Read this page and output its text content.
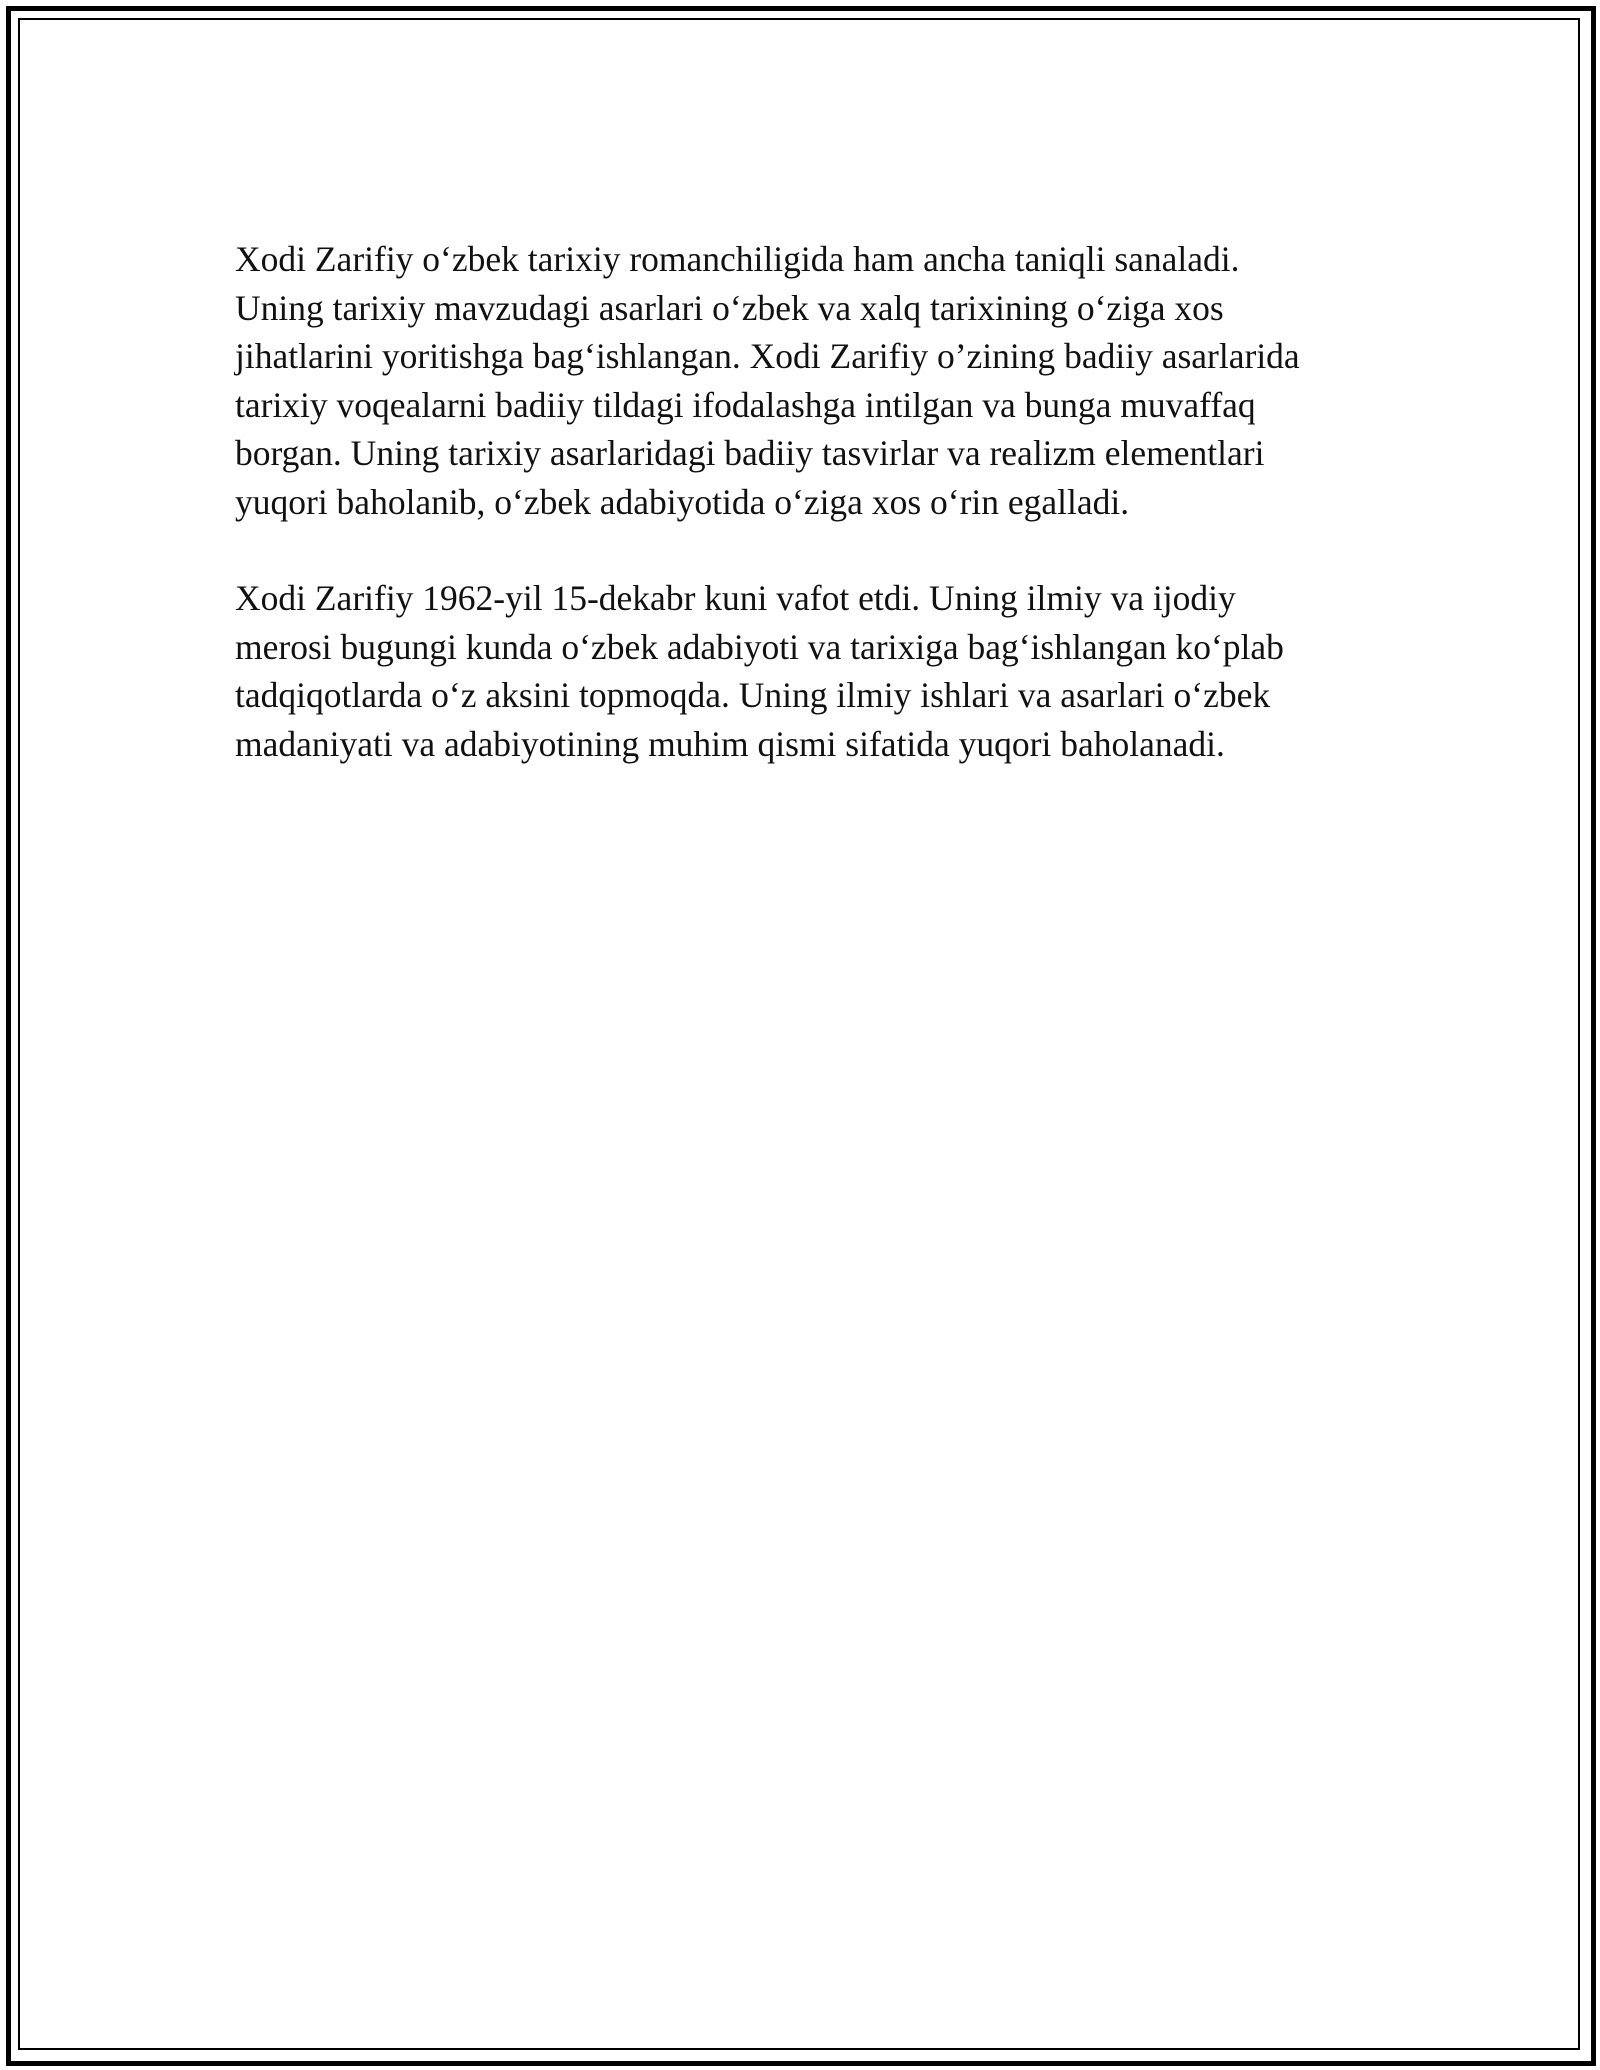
Xodi Zarifiy oʻzbek tarixiy romanchiligida ham ancha taniqli sanaladi.
Uning tarixiy mavzudagi asarlari oʻzbek va xalq tarixining oʻziga xos
jihatlarini yoritishga bagʻishlangan. Xodi Zarifiy o’zining badiiy asarlarida
tarixiy voqealarni badiiy tildagi ifodalashga intilgan va bunga muvaffaq
borgan. Uning tarixiy asarlaridagi badiiy tasvirlar va realizm elementlari
yuqori baholanib, oʻzbek adabiyotida oʻziga xos oʻrin egalladi.

Xodi Zarifiy 1962-yil 15-dekabr kuni vafot etdi. Uning ilmiy va ijodiy
merosi bugungi kunda oʻzbek adabiyoti va tarixiga bagʻishlangan koʻplab
tadqiqotlarda oʻz aksini topmoqda. Uning ilmiy ishlari va asarlari oʻzbek
madaniyati va adabiyotining muhim qismi sifatida yuqori baholanadi.
